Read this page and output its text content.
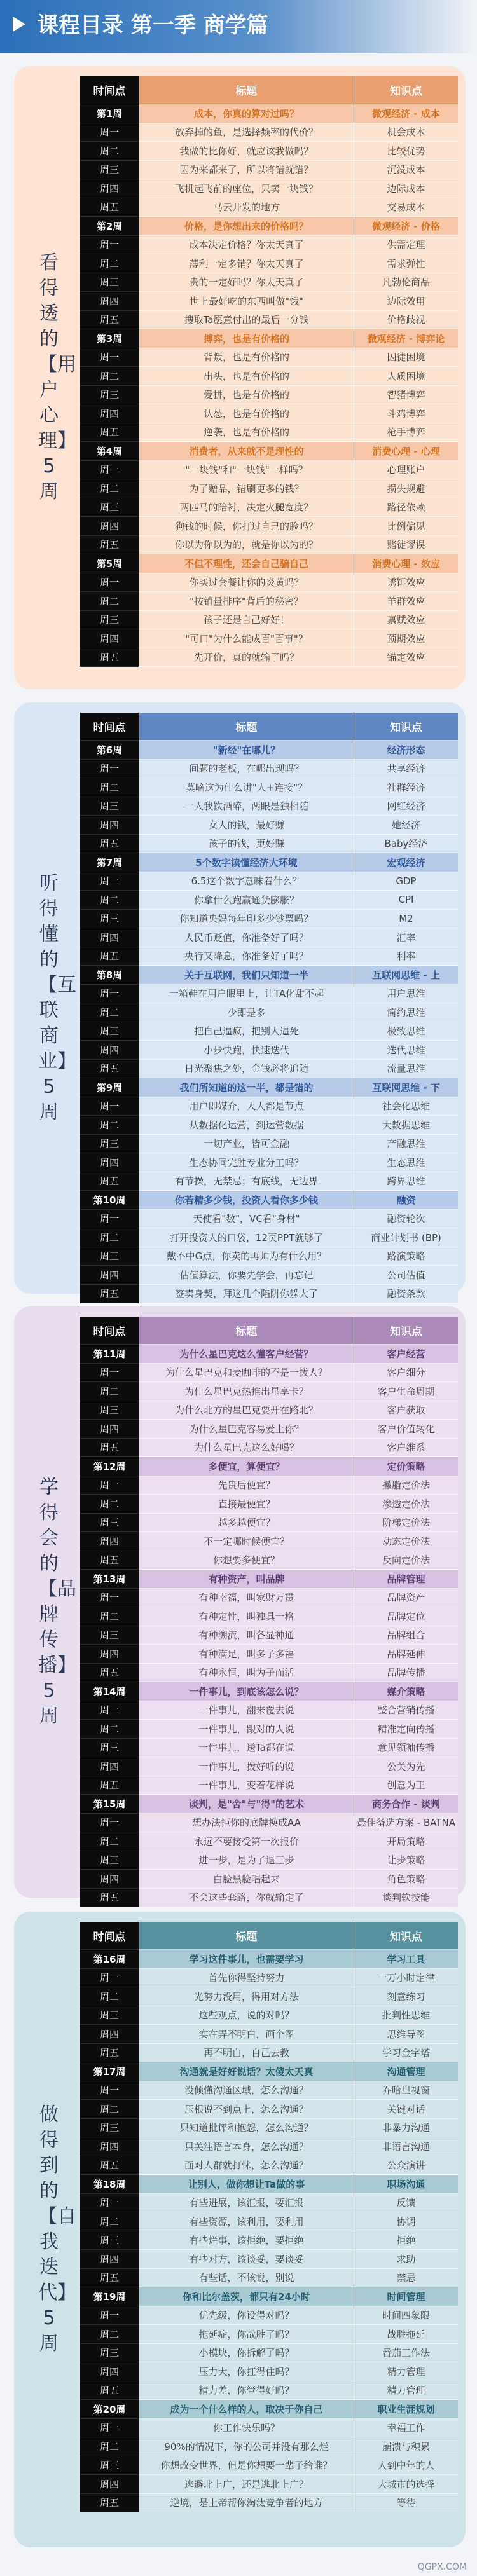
课程目录 第一季 商学篇
看得透的【用户心理】5周
时间点	标题	知识点
第1周	成本，你真的算对过吗？	微观经济 - 成本
周一	放弃掉的鱼，是选择频率的代价？	机会成本
周二	我做的比你好，就应该我做吗？	比较优势
周三	因为来都来了，所以将错就错？	沉没成本
周四	飞机起飞前的座位，只卖一块钱？	边际成本
周五	马云开发的地方	交易成本
第2周	价格，是你想出来的价格吗？	微观经济 - 价格
周一	成本决定价格？你太天真了	供需定理
周二	薄利一定多销？你太天真了	需求弹性
周三	贵的一定好吗？你太天真了	凡勃伦商品
周四	世上最好吃的东西叫做"饿"	边际效用
周五	搜取Ta愿意付出的最后一分钱	价格歧视
第3周	搏弈，也是有价格的	微观经济 - 博弈论
周一	背叛，也是有价格的	囚徒困境
周二	出头，也是有价格的	人质困境
周三	爱拼，也是有价格的	智猪博弈
周四	认怂，也是有价格的	斗鸡博弈
周五	逆袭，也是有价格的	枪手博弈
第4周	消费者，从来就不是理性的	消费心理 - 心理
周一	"一块钱"和"一块钱"一样吗？	心理账户
周二	为了赠品，错刷更多的钱？	损失规避
周三	两匹马的陪衬，决定火腿宽度？	路径依赖
周四	狗钱的时候，你打过自己的脸吗？	比例偏见
周五	你以为你以为的，就是你以为的？	赌徒谬误
第5周	不但不理性，还会自己骗自己	消费心理 - 效应
周一	你买过套餐让你的炎黄吗？	诱饵效应
周二	"按销量排序"背后的秘密？	羊群效应
周三	孩子还是自己好好！	禀赋效应
周四	"可口"为什么能成百"百事"？	预期效应
周五	先开价，真的就输了吗？	锚定效应
听得懂的【互联商业】5周
时间点	标题	知识点
第6周	"新经"在哪儿？	经济形态
周一	间题的老板，在哪出现吗？	共享经济
周二	莫嘀这为什么讲"人+连接"？	社群经济
周三	一人我饮酒醉，两眼是独相随	网红经济
周四	女人的钱，最好赚	她经济
周五	孩子的钱，更好赚	Baby经济
第7周	5个数字读懂经济大环境	宏观经济
周一	6.5这个数字意味着什么？	GDP
周二	你拿什么跑赢通货膨胀？	CPI
周三	你知道央妈每年印多少钞票吗？	M2
周四	人民币贬值，你准备好了吗？	汇率
周五	央行又降息，你准备好了吗？	利率
第8周	关于互联网，我们只知道一半	互联网思维 - 上
周一	一箱鞋在用户眼里上，让TA化甜不起	用户思维
周二	少即是多	简约思维
周三	把自己逼疯，把别人逼死	极致思维
周四	小步快跑，快速迭代	迭代思维
周五	日光聚焦之处，金钱必将追随	流量思维
第9周	我们所知道的这一半，都是错的	互联网思维 - 下
周一	用户即媒介，人人都是节点	社会化思维
周二	从数据化运营，到运营数据	大数据思维
周三	一切产业，皆可金融	产融思维
周四	生态协同完胜专业分工吗？	生态思维
周五	有节操，无禁忌；有底线，无边界	跨界思维
第10周	你若精多少钱，投资人看你多少钱	融资
周一	天使看"数"，VC看"身材"	融资轮次
周二	打开投资人的口袋，12页PPT就够了	商业计划书 (BP)
周三	戴不中G点，你卖的再帅为有什么用？	路演策略
周四	估值算法，你要先学会，再忘记	公司估值
周五	签卖身契，拜这几个陷阱你躲大了	融资条款
学得会的【品牌传播】5周
时间点	标题	知识点
第11周	为什么星巴克这么懂客户经营？	客户经营
周一	为什么星巴克和麦咖啡的不是一拨人？	客户细分
周二	为什么星巴克热推出星享卡？	客户生命周期
周三	为什么北方的星巴克要开在路北？	客户获取
周四	为什么星巴克容易爱上你？	客户价值转化
周五	为什么星巴克这么好喝？	客户维系
第12周	多便宜，算便宜？	定价策略
周一	先贵后便宜？	撇脂定价法
周二	直接最便宜？	渗透定价法
周三	越多越便宜？	阶梯定价法
周四	不一定哪时候便宜？	动态定价法
周五	你想要多便宜？	反向定价法
第13周	有种资产，叫品牌	品牌管理
周一	有种幸福，叫家财万贯	品牌资产
周二	有种定性，叫独具一格	品牌定位
周三	有种溯流，叫各显神通	品牌组合
周四	有种满足，叫多子多福	品牌延伸
周五	有种永恒，叫为子而活	品牌传播
第14周	一件事儿，到底该怎么说？	媒介策略
周一	一件事儿，翻来覆去说	整合营销传播
周二	一件事儿，跟对的人说	精准定向传播
周三	一件事儿，送Ta都在说	意见领袖传播
周四	一件事儿，拨好听的说	公关为先
周五	一件事儿，变着花样说	创意为王
第15周	谈判，是"舍"与"得"的艺术	商务合作 - 谈判
周一	想办法拒你的底牌换成AA	最佳备选方案 - BATNA
周二	永远不要接受第一次报价	开局策略
周三	进一步，是为了退三步	让步策略
周四	白脸黑脸唱起来	角色策略
周五	不会这些套路，你就输定了	谈判软技能
做得到的【自我迭代】5周
时间点	标题	知识点
第16周	学习这件事儿，也需要学习	学习工具
周一	首先你得坚持努力	一万小时定律
周二	光努力没用，得用对方法	刻意练习
周三	这些观点，说的对吗？	批判性思维
周四	实在弄不明白，画个图	思维导图
周五	再不明白，自己去教	学习金字塔
第17周	沟通就是好好说话？太傻太天真	沟通管理
周一	没倾懂沟通区域，怎么沟通？	乔哈里视窗
周二	压根说不到点上，怎么沟通？	关键对话
周三	只知道批评和抱怨，怎么沟通？	非暴力沟通
周四	只关注语言本身，怎么沟通？	非语言沟通
周五	面对人群就打怵，怎么沟通？	公众演讲
第18周	让别人，做你想让Ta做的事	职场沟通
周一	有些进展，该汇报，要汇报	反馈
周二	有些资源，该利用，要利用	协调
周三	有些烂事，该拒绝，要拒绝	拒绝
周四	有些对方，该谈妥，要谈妥	求助
周五	有些话，不该说，别说	禁忌
第19周	你和比尔盖茨，都只有24小时	时间管理
周一	优先级，你设得对吗？	时间四象限
周二	拖延症，你战胜了吗？	战胜拖延
周三	小模块，你拆解了吗？	番茄工作法
周四	压力大，你扛得住吗？	精力管理
周五	精力差，你管得好吗？	精力管理
第20周	成为一个什么样的人，取决于你自己	职业生涯规划
周一	你工作快乐吗？	幸福工作
周二	90%的情况下，你的公司并没有那么烂	崩溃与积累
周三	你想改变世界，但是你想要一辈子给谁？	人到中年的人
周四	逃避北上广，还是逃北上广？	大城市的选择
周五	逆境，是上帝帮你淘汰竞争者的地方	等待
QGPX.COM
